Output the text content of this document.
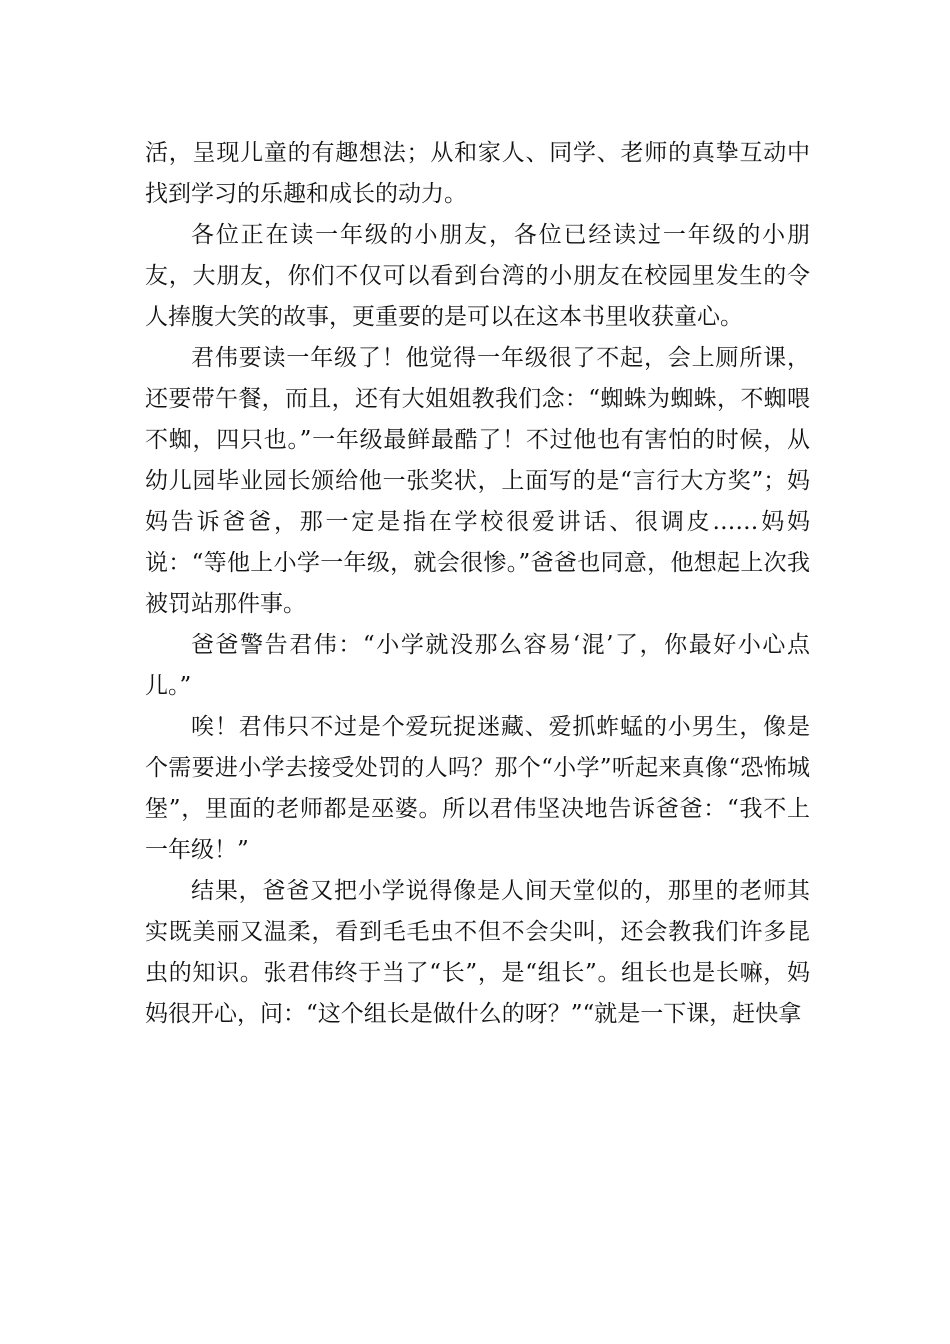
活，呈现儿童的有趣想法；从和家人、同学、老师的真挚互动中找到学习的乐趣和成长的动力。

各位正在读一年级的小朋友，各位已经读过一年级的小朋友，大朋友，你们不仅可以看到台湾的小朋友在校园里发生的令人捧腹大笑的故事，更重要的是可以在这本书里收获童心。

君伟要读一年级了！他觉得一年级很了不起，会上厕所课，还要带午餐，而且，还有大姐姐教我们念：“蜘蛛为蜘蛛，不蜘喂不蜘，四只也。”一年级最鲜最酷了！不过他也有害怕的时候，从幼儿园毕业园长颁给他一张奖状，上面写的是“言行大方奖”；妈妈告诉爸爸，那一定是指在学校很爱讲话、很调皮……妈妈说：“等他上小学一年级，就会很惨。”爸爸也同意，他想起上次我被罚站那件事。

爸爸警告君伟：“小学就没那么容易‘混’了，你最好小心点儿。”

唉！君伟只不过是个爱玩捉迷藏、爱抓蚱蜢的小男生，像是个需要进小学去接受处罚的人吗？那个“小学”听起来真像“恐怖城堡”，里面的老师都是巫婆。所以君伟坚决地告诉爸爸：“我不上一年级！”

结果，爸爸又把小学说得像是人间天堂似的，那里的老师其实既美丽又温柔，看到毛毛虫不但不会尖叫，还会教我们许多昆虫的知识。张君伟终于当了“长”，是“组长”。组长也是长嘛，妈妈很开心，问：“这个组长是做什么的呀？”“就是一下课，赶快拿
